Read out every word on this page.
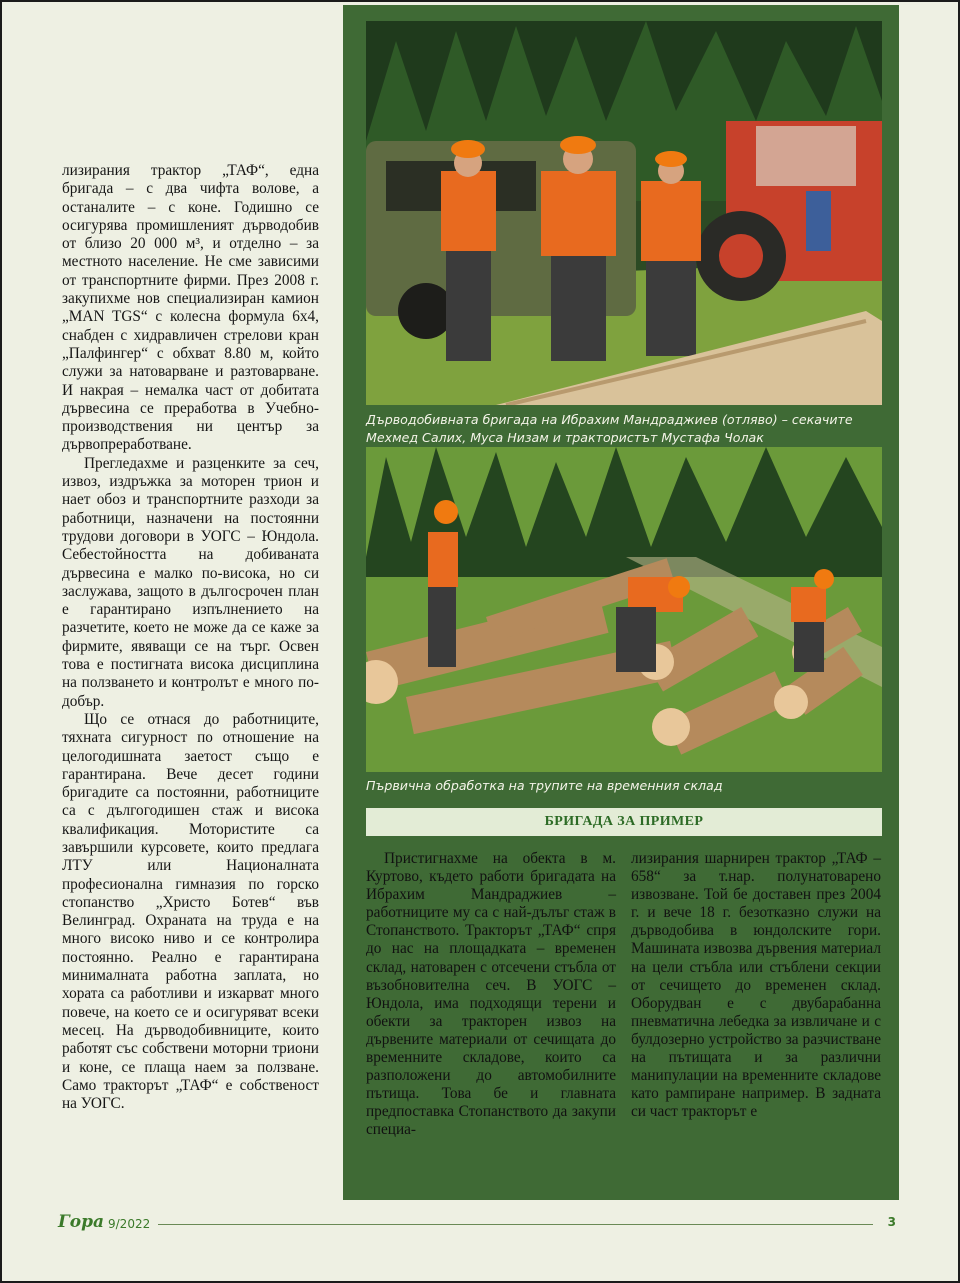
лизирания трактор „ТАФ“, една бригада – с два чифта волове, а останалите – с коне. Годишно се осигурява промишленият дърводобив от близо 20 000 м³, и отделно – за местното население. Не сме зависими от транспортните фирми. През 2008 г. закупихме нов специализиран камион „MAN TGS“ с колесна формула 6х4, снабден с хидравличен стрелови кран „Палфингер“ с обхват 8.80 м, който служи за натоварване и разтоварване. И накрая – немалка част от добитата дървесина се преработва в Учебно-производствения ни център за дървопреработване.

Прегледахме и разценките за сеч, извоз, издръжка за моторен трион и наeт обоз и транспортните разходи за работници, назначени на постоянни трудови договори в УОГС – Юндола. Себестойността на добиваната дървесина е малко по-висока, но си заслужава, защото в дългосрочен план е гарантирано изпълнението на разчетите, което не може да се каже за фирмите, явяващи се на търг. Освен това е постигната висока дисциплина на ползването и контролът е много по-добър.

Що се отнася до работниците, тяхната сигурност по отношение на целогодишната заетост също е гарантирана. Вече десет години бригадите са постоянни, работниците са с дългогодишен стаж и висока квалификация. Мотористите са завършили курсовете, които предлага ЛТУ или Националната професионална гимназия по горско стопанство „Христо Ботев“ във Велинград. Охраната на труда е на много високо ниво и се контролира постоянно. Реално е гарантирана минималната работна заплата, но хората са работливи и изкарват много повече, на което се и осигуряват всеки месец. На дърводобивниците, които работят със собствени моторни триони и коне, се плаща наем за ползване. Само тракторът „ТАФ“ е собственост на УОГС.

Дърводобивната бригада на Ибрахим Мандраджиев (отляво) – секачите Мехмед Салих, Муса Низам и трактористът Мустафа Чолак
Първична обработка на трупите на временния склад
БРИГАДА ЗА ПРИМЕР

Пристигнахме на обекта в м. Куртово, където работи бригадата на Ибрахим Мандраджиев – работниците му са с най-дълъг стаж в Стопанството. Тракторът „ТАФ“ спря до нас на площадката – временен склад, натоварен с отсечени стъбла от възобновителна сеч. В УОГС – Юндола, има подходящи терени и обекти за тракторен извоз на дървените материали от сечищата до временните складове, които са разположени до автомобилните пътища. Това бе и главната предпоставка Стопанството да закупи специа-

лизирания шарнирен трактор „ТАФ – 658“ за т.нар. полунатоварено извозване. Той бе доставен през 2004 г. и вече 18 г. безотказно служи на дърводобива в юндолските гори. Машината извозва дървения материал на цели стъбла или стъблени секции от сечището до временен склад. Оборудван е с двубарабанна пневматична лебедка за извличане и с булдозерно устройство за разчистване на пътищата и за различни манипулации на временните складове като рампиране например. В задната си част тракторът е

Гора 9/2022	3
